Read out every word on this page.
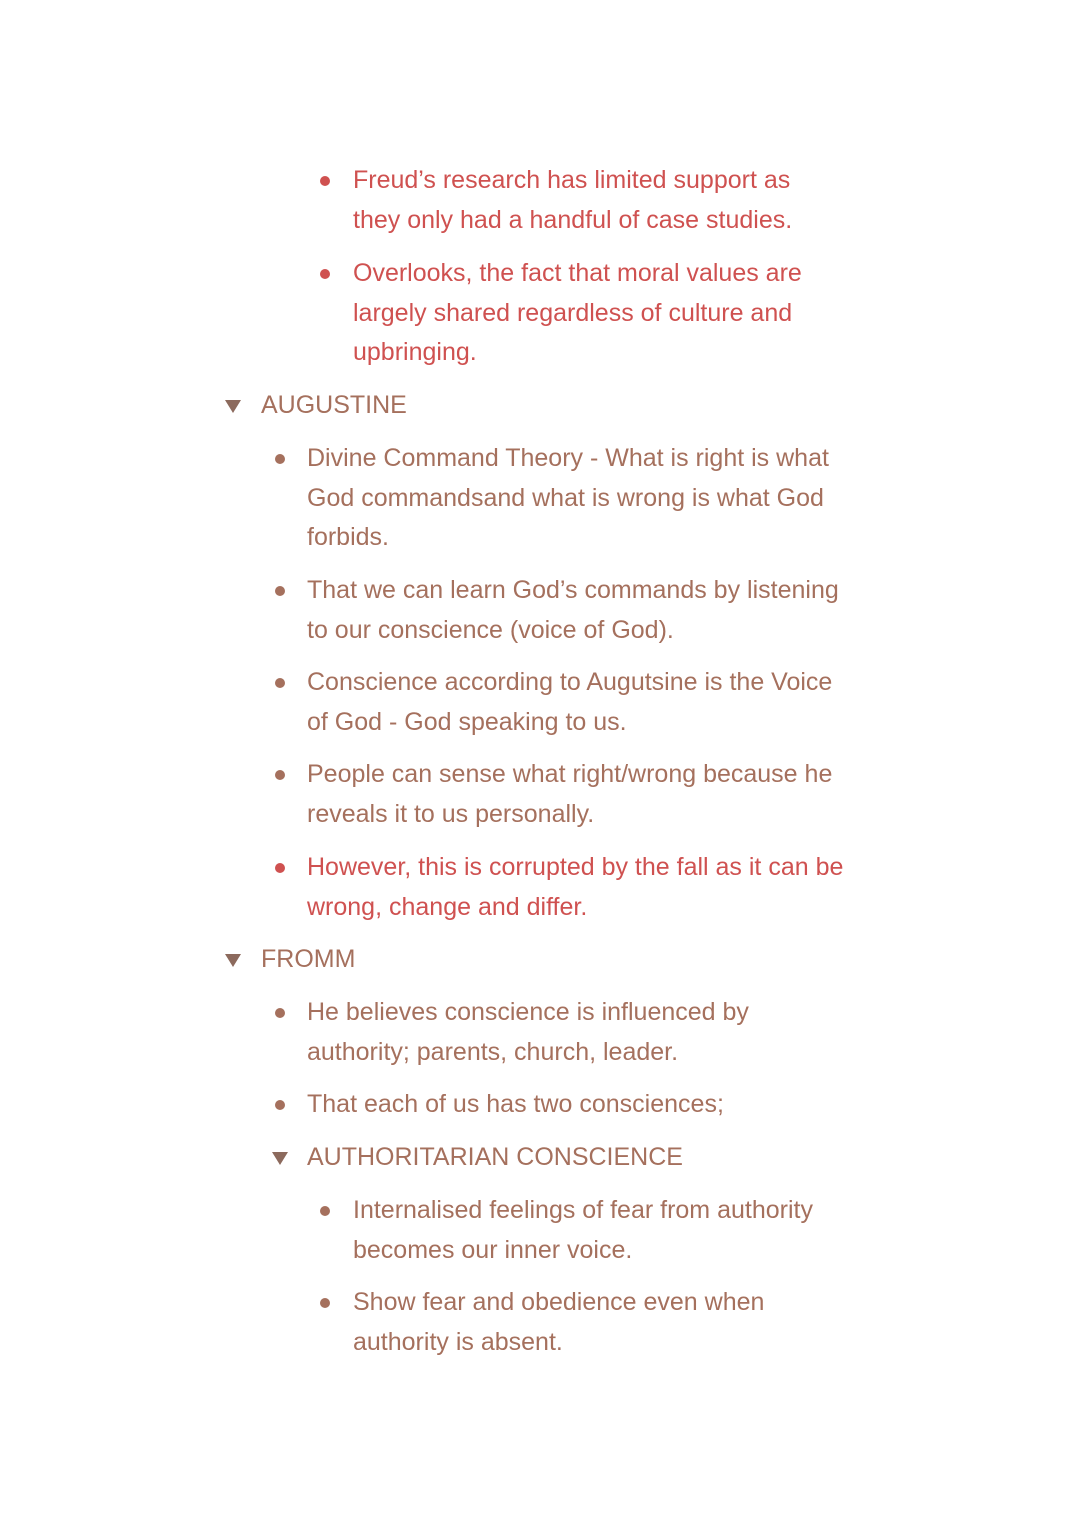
Freud’s research has limited support as they only had a handful of case studies.
Overlooks, the fact that moral values are largely shared regardless of culture and upbringing.
AUGUSTINE
Divine Command Theory - What is right is what God commandsand what is wrong is what God forbids.
That we can learn God’s commands by listening to our conscience (voice of God).
Conscience according to Augutsine is the Voice of God - God speaking to us.
People can sense what right/wrong because he reveals it to us personally.
However, this is corrupted by the fall as it can be wrong, change and differ.
FROMM
He believes conscience is influenced by authority; parents, church, leader.
That each of us has two consciences;
AUTHORITARIAN CONSCIENCE
Internalised feelings of fear from authority becomes our inner voice.
Show fear and obedience even when authority is absent.
